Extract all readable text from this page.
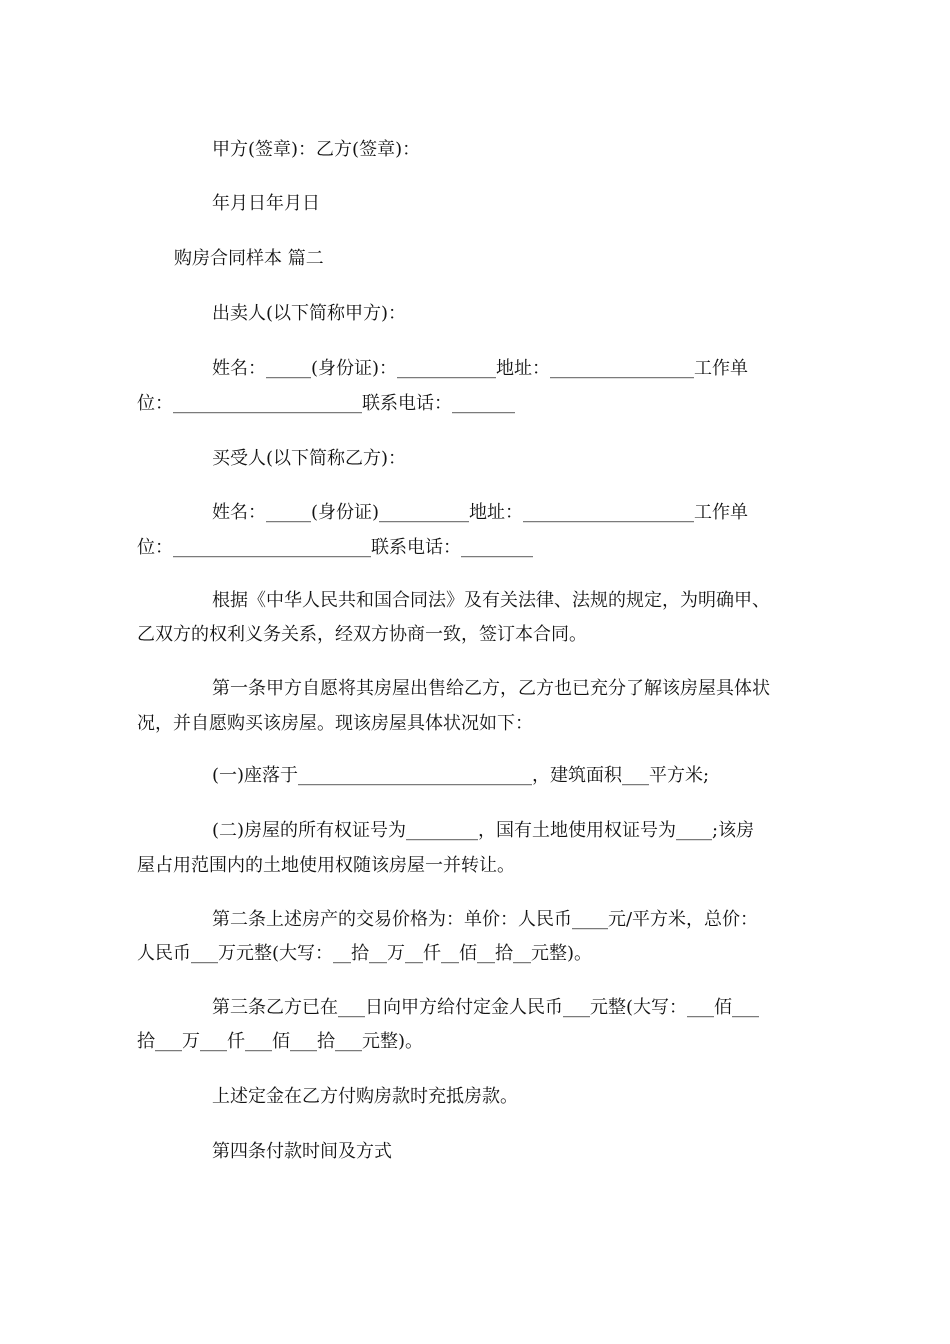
甲方(签章)：乙方(签章)：
年月日年月日
购房合同样本 篇二
出卖人(以下简称甲方)：
姓名：_____(身份证)：___________地址：________________工作单
位：_____________________联系电话：_______
买受人(以下简称乙方)：
姓名：_____(身份证)__________地址：___________________工作单
位：______________________联系电话：________
根据《中华人民共和国合同法》及有关法律、法规的规定，为明确甲、
乙双方的权利义务关系，经双方协商一致，签订本合同。
第一条甲方自愿将其房屋出售给乙方，乙方也已充分了解该房屋具体状
况，并自愿购买该房屋。现该房屋具体状况如下：
(一)座落于__________________________，建筑面积___平方米;
(二)房屋的所有权证号为________，国有土地使用权证号为____;该房
屋占用范围内的土地使用权随该房屋一并转让。
第二条上述房产的交易价格为：单价：人民币____元/平方米，总价：
人民币___万元整(大写：__拾__万__仟__佰__拾__元整)。
第三条乙方已在___日向甲方给付定金人民币___元整(大写：___佰___
拾___万___仟___佰___拾___元整)。
上述定金在乙方付购房款时充抵房款。
第四条付款时间及方式
